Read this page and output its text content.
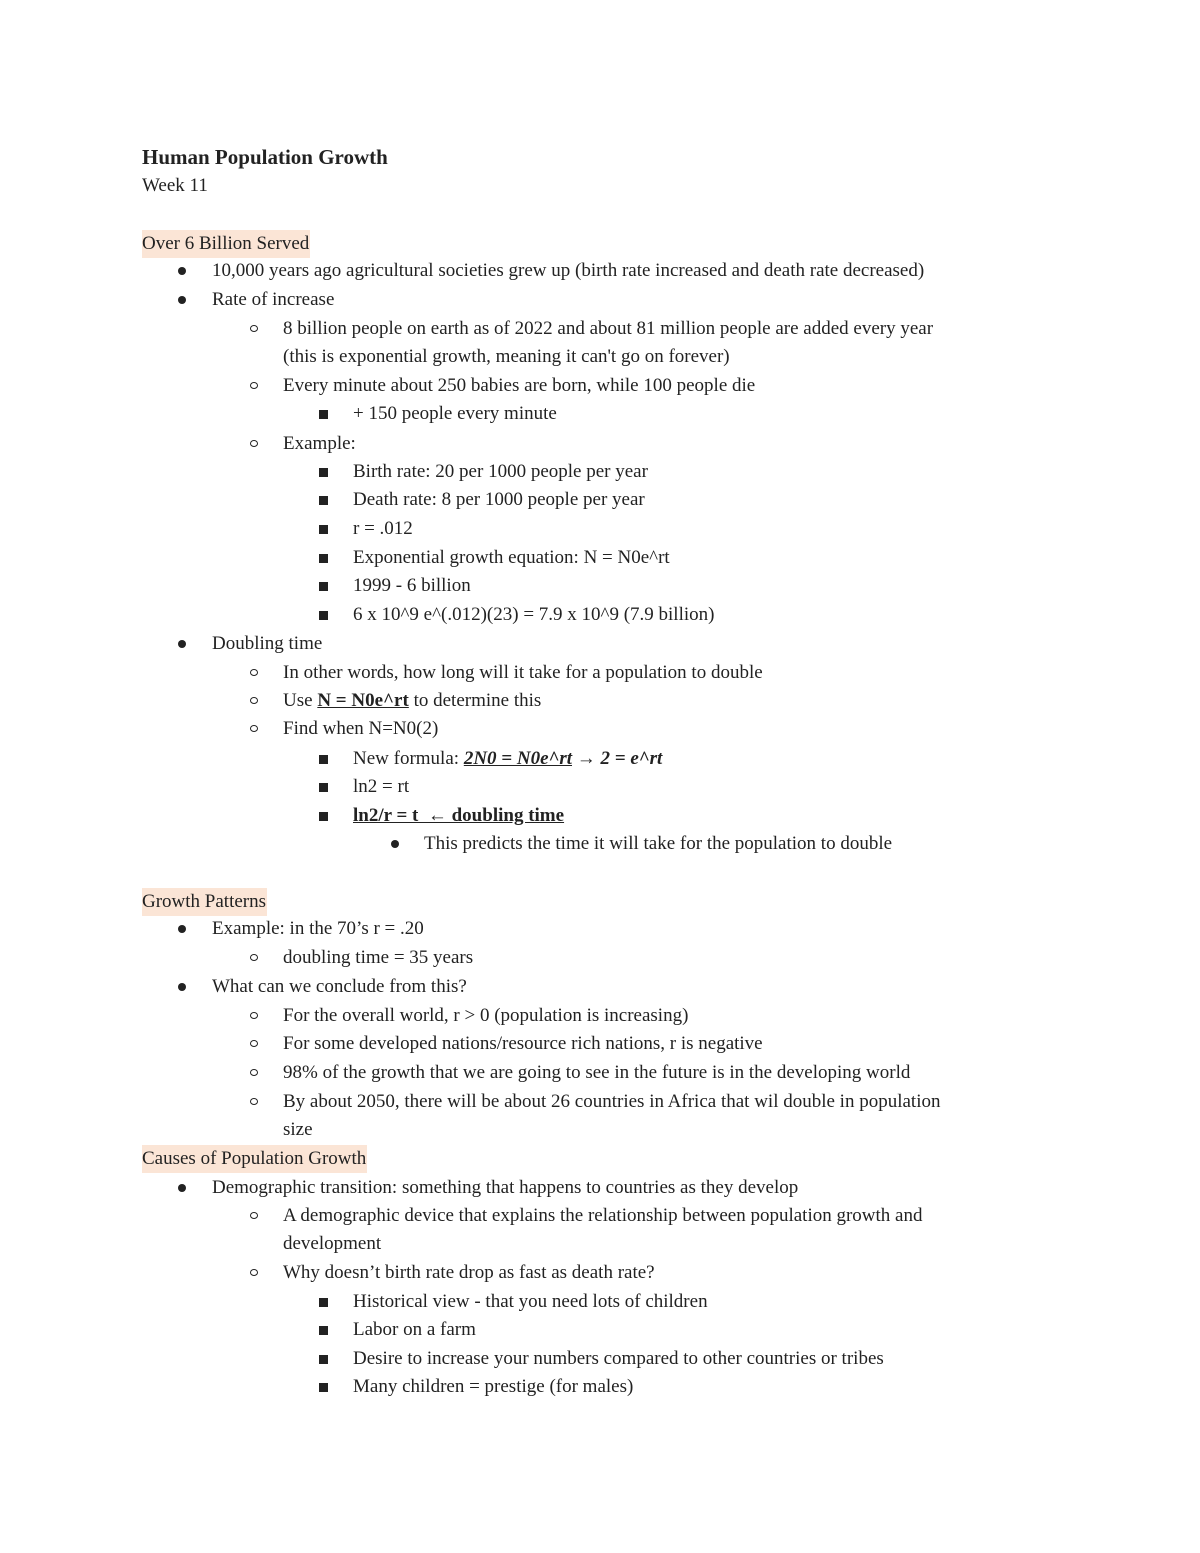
Human Population Growth
Week 11
Over 6 Billion Served
10,000 years ago agricultural societies grew up (birth rate increased and death rate decreased)
Rate of increase
8 billion people on earth as of 2022 and about 81 million people are added every year
(this is exponential growth, meaning it can't go on forever)
Every minute about 250 babies are born, while 100 people die
+ 150 people every minute
Example:
Birth rate: 20 per 1000 people per year
Death rate: 8 per 1000 people per year
r = .012
Exponential growth equation: N = N0e^rt
1999 - 6 billion
6 x 10^9 e^(.012)(23) = 7.9 x 10^9 (7.9 billion)
Doubling time
In other words, how long will it take for a population to double
Use N = N0e^rt to determine this
Find when N=N0(2)
New formula: 2N0 = N0e^rt → 2 = e^rt
ln2 = rt
ln2/r = t  ← doubling time
This predicts the time it will take for the population to double
Growth Patterns
Example: in the 70’s r = .20
doubling time = 35 years
What can we conclude from this?
For the overall world, r > 0 (population is increasing)
For some developed nations/resource rich nations, r is negative
98% of the growth that we are going to see in the future is in the developing world
By about 2050, there will be about 26 countries in Africa that wil double in population
size
Causes of Population Growth
Demographic transition: something that happens to countries as they develop
A demographic device that explains the relationship between population growth and
development
Why doesn’t birth rate drop as fast as death rate?
Historical view - that you need lots of children
Labor on a farm
Desire to increase your numbers compared to other countries or tribes
Many children = prestige (for males)
